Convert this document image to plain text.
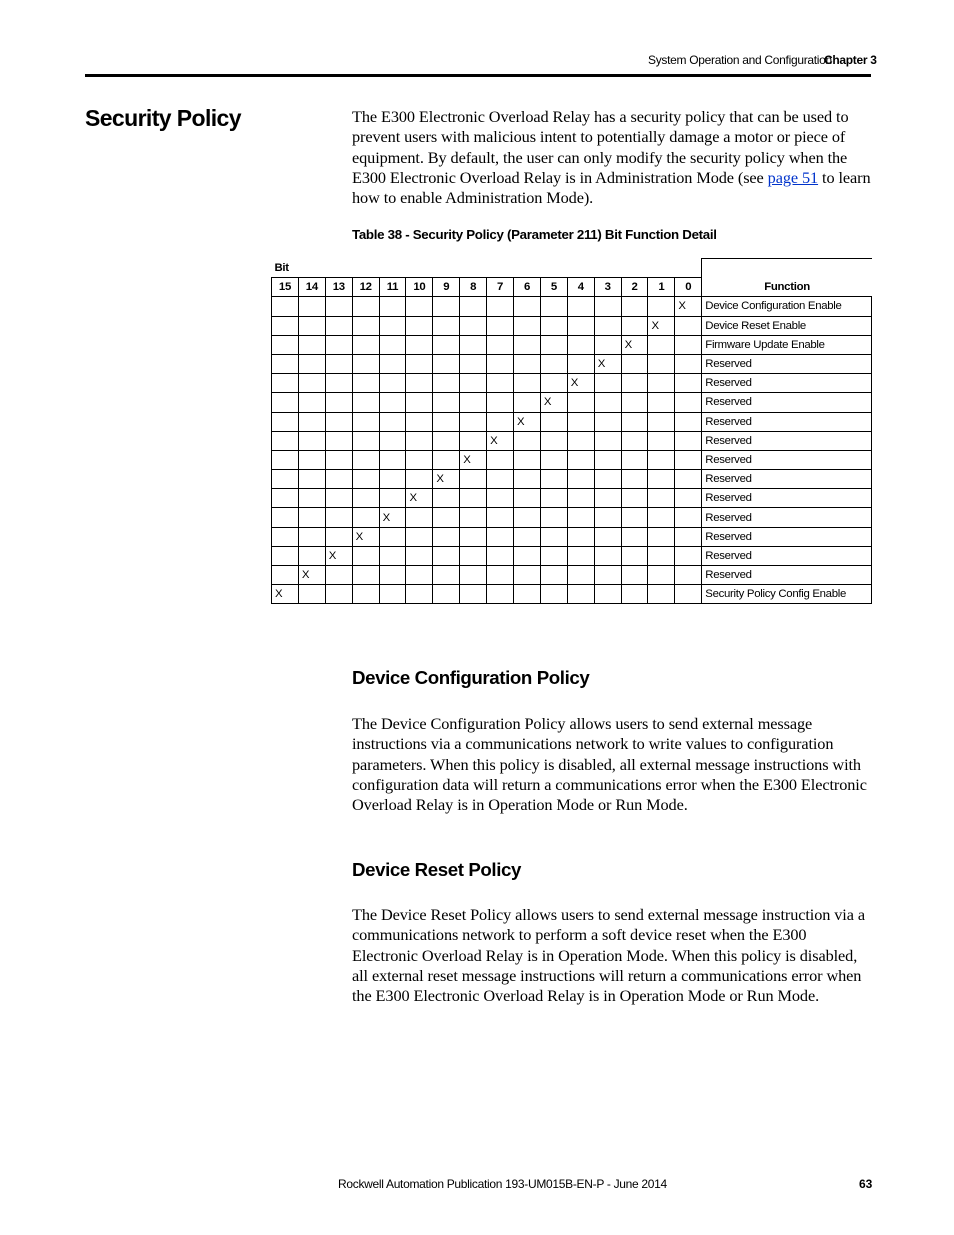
System Operation and Configuration
Chapter 3
Security Policy	The E300 Electronic Overload Relay has a security policy that can be used to prevent users with malicious intent to potentially damage a motor or piece of equipment. By default, the user can only modify the security policy when the E300 Electronic Overload Relay is in Administration Mode (see page 51 to learn how to enable Administration Mode).
Table 38 - Security Policy (Parameter 211) Bit Function Detail
Bit																Function
15	14	13	12	11	10	9	8	7	6	5	4	3	2	1	0	
															X	Device Configuration Enable
														X		Device Reset Enable
													X			Firmware Update Enable
												X				Reserved
											X					Reserved
										X						Reserved
									X							Reserved
								X								Reserved
							X									Reserved
						X										Reserved
					X											Reserved
				X												Reserved
			X													Reserved
		X														Reserved
	X															Reserved
X																Security Policy Config Enable
Device Configuration Policy
The Device Configuration Policy allows users to send external message instructions via a communications network to write values to configuration parameters. When this policy is disabled, all external message instructions with configuration data will return a communications error when the E300 Electronic Overload Relay is in Operation Mode or Run Mode.
Device Reset Policy
The Device Reset Policy allows users to send external message instruction via a communications network to perform a soft device reset when the E300 Electronic Overload Relay is in Operation Mode. When this policy is disabled, all external reset message instructions will return a communications error when the E300 Electronic Overload Relay is in Operation Mode or Run Mode.
Rockwell Automation Publication 193-UM015B-EN-P - June 2014	63
